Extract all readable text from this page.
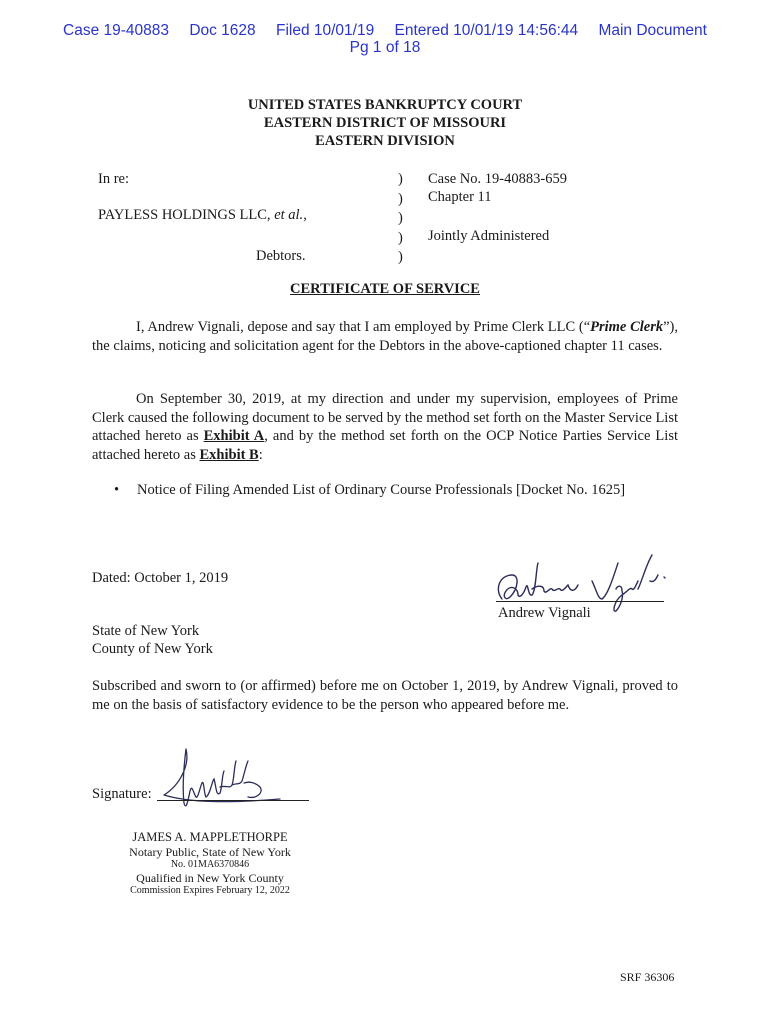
Case 19-40883 Doc 1628 Filed 10/01/19 Entered 10/01/19 14:56:44 Main Document
Pg 1 of 18
UNITED STATES BANKRUPTCY COURT
EASTERN DISTRICT OF MISSOURI
EASTERN DIVISION
In re:
PAYLESS HOLDINGS LLC, et al.,
Debtors.
)
)
)
)
)
Case No. 19-40883-659
Chapter 11
Jointly Administered
CERTIFICATE OF SERVICE
I, Andrew Vignali, depose and say that I am employed by Prime Clerk LLC (“Prime Clerk”), the claims, noticing and solicitation agent for the Debtors in the above-captioned chapter 11 cases.
On September 30, 2019, at my direction and under my supervision, employees of Prime Clerk caused the following document to be served by the method set forth on the Master Service List attached hereto as Exhibit A, and by the method set forth on the OCP Notice Parties Service List attached hereto as Exhibit B:
• Notice of Filing Amended List of Ordinary Course Professionals [Docket No. 1625]
Dated: October 1, 2019
Andrew Vignali
State of New York
County of New York
Subscribed and sworn to (or affirmed) before me on October 1, 2019, by Andrew Vignali, proved to me on the basis of satisfactory evidence to be the person who appeared before me.
Signature:
JAMES A. MAPPLETHORPE
Notary Public, State of New York
No. 01MA6370846
Qualified in New York County
Commission Expires February 12, 2022
SRF 36306
